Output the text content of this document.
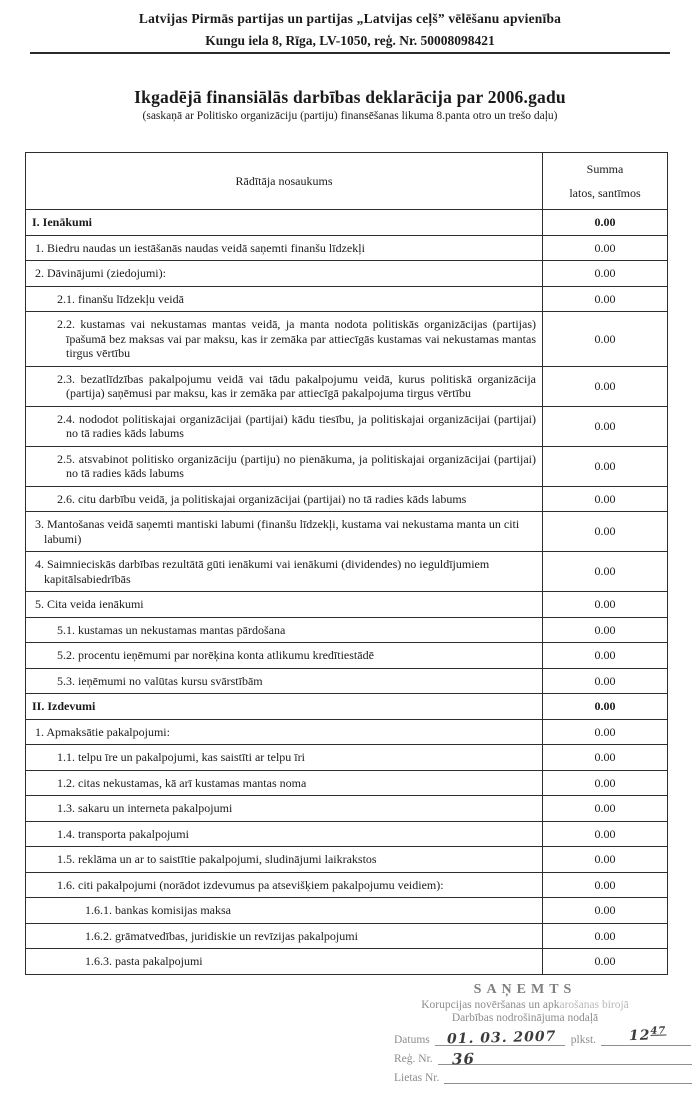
Latvijas Pirmās partijas un partijas „Latvijas ceļš” vēlēšanu apvienība
Kungu iela 8, Rīga, LV-1050, reģ. Nr. 50008098421
Ikgadējā finansiālās darbības deklarācija par 2006.gadu
(saskaņā ar Politisko organizāciju (partiju) finansēšanas likuma 8.panta otro un trešo daļu)
Rādītāja nosaukums	Summa
latos, santīmos

I. Ienākumi	0.00
1. Biedru naudas un iestāšanās naudas veidā saņemti finanšu līdzekļi	0.00
2. Dāvinājumi (ziedojumi):	0.00
2.1. finanšu līdzekļu veidā	0.00
2.2. kustamas vai nekustamas mantas veidā, ja manta nodota politiskās organizācijas (partijas) īpašumā bez maksas vai par maksu, kas ir zemāka par attiecīgās kustamas vai nekustamas mantas tirgus vērtību	0.00
2.3. bezatlīdzības pakalpojumu veidā vai tādu pakalpojumu veidā, kurus politiskā organizācija (partija) saņēmusi par maksu, kas ir zemāka par attiecīgā pakalpojuma tirgus vērtību	0.00
2.4. nododot politiskajai organizācijai (partijai) kādu tiesību, ja politiskajai organizācijai (partijai) no tā radies kāds labums	0.00
2.5. atsvabinot politisko organizāciju (partiju) no pienākuma, ja politiskajai organizācijai (partijai) no tā radies kāds labums	0.00
2.6. citu darbību veidā, ja politiskajai organizācijai (partijai) no tā radies kāds labums	0.00
3. Mantošanas veidā saņemti mantiski labumi (finanšu līdzekļi, kustama vai nekustama manta un citi labumi)	0.00
4. Saimnieciskās darbības rezultātā gūti ienākumi vai ienākumi (dividendes) no ieguldījumiem kapitālsabiedrībās	0.00
5. Cita veida ienākumi	0.00
5.1. kustamas un nekustamas mantas pārdošana	0.00
5.2. procentu ieņēmumi par norēķina konta atlikumu kredītiestādē	0.00
5.3. ieņēmumi no valūtas kursu svārstībām	0.00
II. Izdevumi	0.00
1. Apmaksātie pakalpojumi:	0.00
1.1. telpu īre un pakalpojumi, kas saistīti ar telpu īri	0.00
1.2. citas nekustamas, kā arī kustamas mantas noma	0.00
1.3. sakaru un interneta pakalpojumi	0.00
1.4. transporta pakalpojumi	0.00
1.5. reklāma un ar to saistītie pakalpojumi, sludinājumi laikrakstos	0.00
1.6. citi pakalpojumi (norādot izdevumus pa atsevišķiem pakalpojumu veidiem):	0.00
1.6.1. bankas komisijas maksa	0.00
1.6.2. grāmatvedības, juridiskie un revīzijas pakalpojumi	0.00
1.6.3. pasta pakalpojumi	0.00
SAŅEMTS
Korupcijas novēršanas un apkarošanas birojā
Darbības nodrošinājuma nodaļā
Datums	01. 03. 2007	plkst.	$12^{47}$
Reģ. Nr.	36
Lietas Nr.
